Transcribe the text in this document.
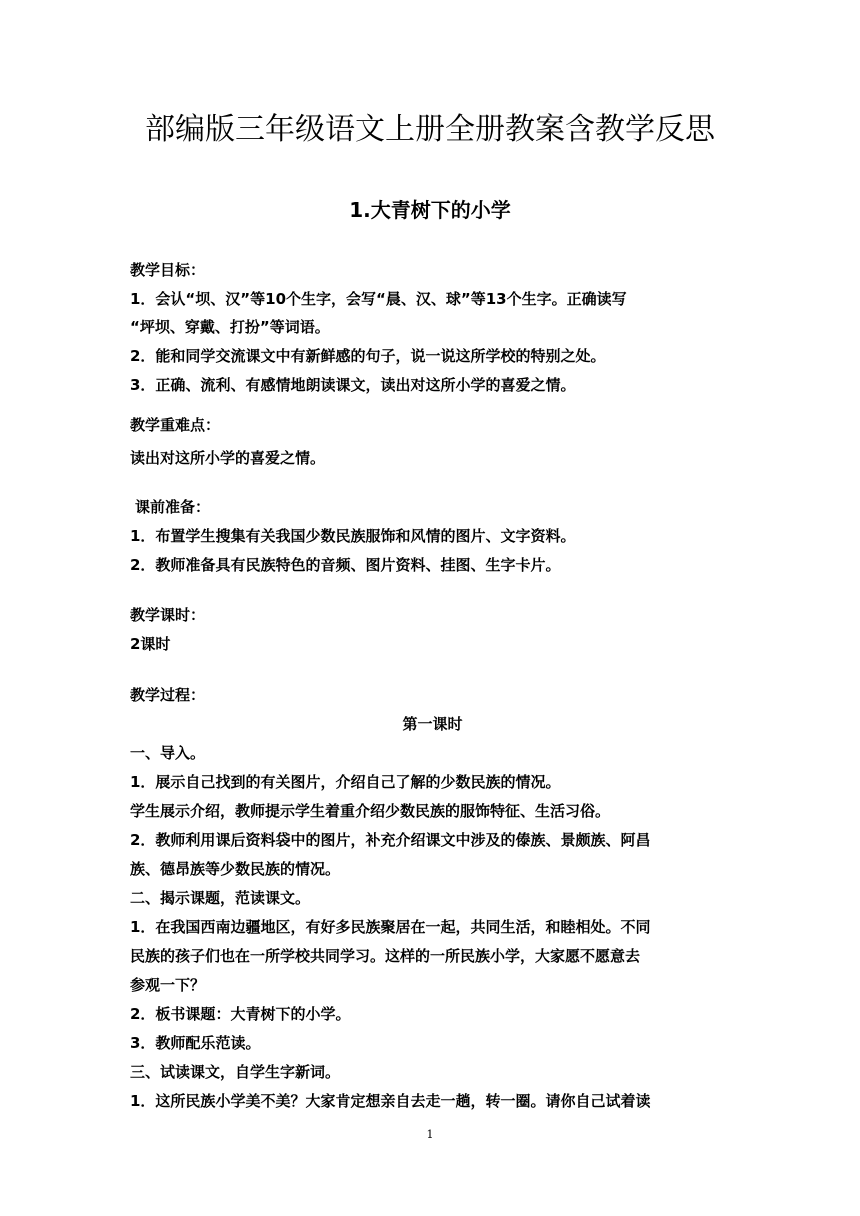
部编版三年级语文上册全册教案含教学反思
1.大青树下的小学
教学目标：
1．会认“坝、汉”等10个生字，会写“晨、汉、球”等13个生字。正确读写
“坪坝、穿戴、打扮”等词语。
2．能和同学交流课文中有新鲜感的句子，说一说这所学校的特别之处。
3．正确、流利、有感情地朗读课文，读出对这所小学的喜爱之情。
教学重难点：
读出对这所小学的喜爱之情。
课前准备：
1．布置学生搜集有关我国少数民族服饰和风情的图片、文字资料。
2．教师准备具有民族特色的音频、图片资料、挂图、生字卡片。
教学课时：
2课时
教学过程：
第一课时
一、导入。
1．展示自己找到的有关图片，介绍自己了解的少数民族的情况。
学生展示介绍，教师提示学生着重介绍少数民族的服饰特征、生活习俗。
2．教师利用课后资料袋中的图片，补充介绍课文中涉及的傣族、景颇族、阿昌
族、德昂族等少数民族的情况。
二、揭示课题，范读课文。
1．在我国西南边疆地区，有好多民族聚居在一起，共同生活，和睦相处。不同
民族的孩子们也在一所学校共同学习。这样的一所民族小学，大家愿不愿意去
参观一下？
2．板书课题：大青树下的小学。
3．教师配乐范读。
三、试读课文，自学生字新词。
1．这所民族小学美不美？大家肯定想亲自去走一趟，转一圈。请你自己试着读
1
